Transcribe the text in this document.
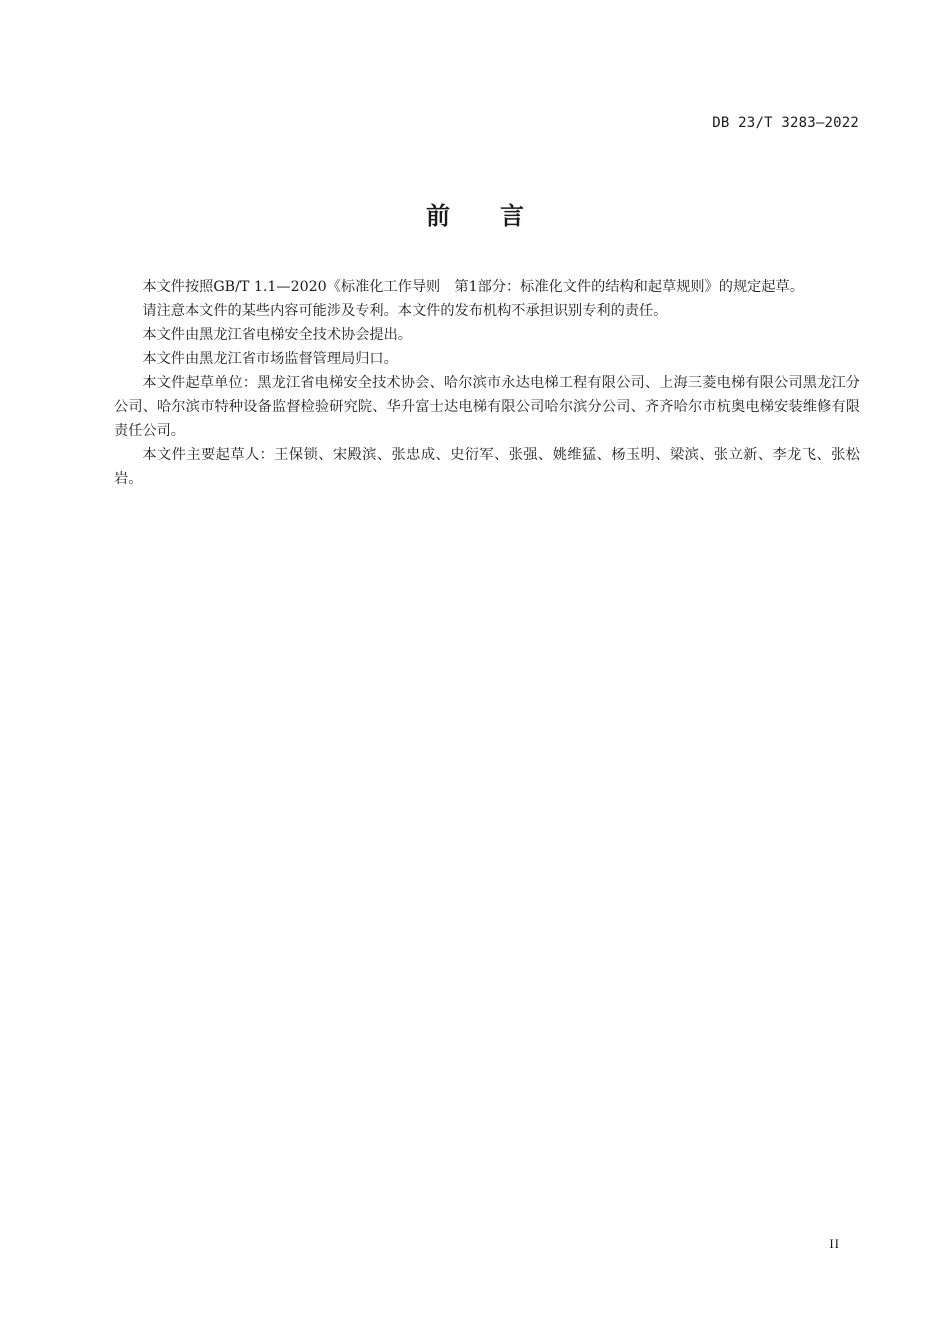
DB 23/T 3283—2022
前 言

本文件按照GB/T 1.1—2020《标准化工作导则　第1部分：标准化文件的结构和起草规则》的规定起草。

请注意本文件的某些内容可能涉及专利。本文件的发布机构不承担识别专利的责任。

本文件由黑龙江省电梯安全技术协会提出。

本文件由黑龙江省市场监督管理局归口。

本文件起草单位：黑龙江省电梯安全技术协会、哈尔滨市永达电梯工程有限公司、上海三菱电梯有限公司黑龙江分公司、哈尔滨市特种设备监督检验研究院、华升富士达电梯有限公司哈尔滨分公司、齐齐哈尔市杭奥电梯安装维修有限责任公司。

本文件主要起草人：王保锁、宋殿滨、张忠成、史衍军、张强、姚维猛、杨玉明、梁滨、张立新、李龙飞、张松岩。

II
